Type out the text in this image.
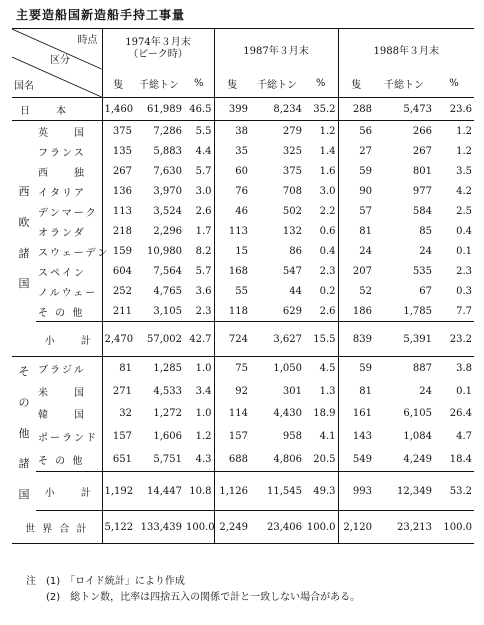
主要造船国新造船手持工事量
時点
区分
国名		1974年３月末
（ピーク時）			1987年３月末			1988年３月末		
		隻	千総トン	%	隻	千総トン	%	隻	千総トン	%
日　　本		1,460	61,989	46.5	399	8,234	35.2	288	5,473	23.6
西
欧
諸
国	英　　国	375	7,286	5.5	38	279	1.2	56	266	1.2
	フランス	135	5,883	4.4	35	325	1.4	27	267	1.2
	西　　独	267	7,630	5.7	60	375	1.6	59	801	3.5
	イタリア	136	3,970	3.0	76	708	3.0	90	977	4.2
	デンマーク	113	3,524	2.6	46	502	2.2	57	584	2.5
	オランダ	218	2,296	1.7	113	132	0.6	81	85	0.4
	スウェーデン	159	10,980	8.2	15	86	0.4	24	24	0.1
	スペイン	604	7,564	5.7	168	547	2.3	207	535	2.3
	ノルウェー	252	4,765	3.6	55	44	0.2	52	67	0.3
	そ の 他	211	3,105	2.3	118	629	2.6	186	1,785	7.7
	小　　計	2,470	57,002	42.7	724	3,627	15.5	839	5,391	23.2
そ
の
他
諸
国	ブラジル	81	1,285	1.0	75	1,050	4.5	59	887	3.8
	米　　国	271	4,533	3.4	92	301	1.3	81	24	0.1
	韓　　国	32	1,272	1.0	114	4,430	18.9	161	6,105	26.4
	ポーランド	157	1,606	1.2	157	958	4.1	143	1,084	4.7
	そ の 他	651	5,751	4.3	688	4,806	20.5	549	4,249	18.4
	小　　計	1,192	14,447	10.8	1,126	11,545	49.3	993	12,349	53.2
世 界 合 計		5,122	133,439	100.0	2,249	23,406	100.0	2,120	23,213	100.0
注　(1)　 「ロイド統計」により作成
　　(2)　 総トン数，比率は四捨五入の関係で計と一致しない場合がある。
